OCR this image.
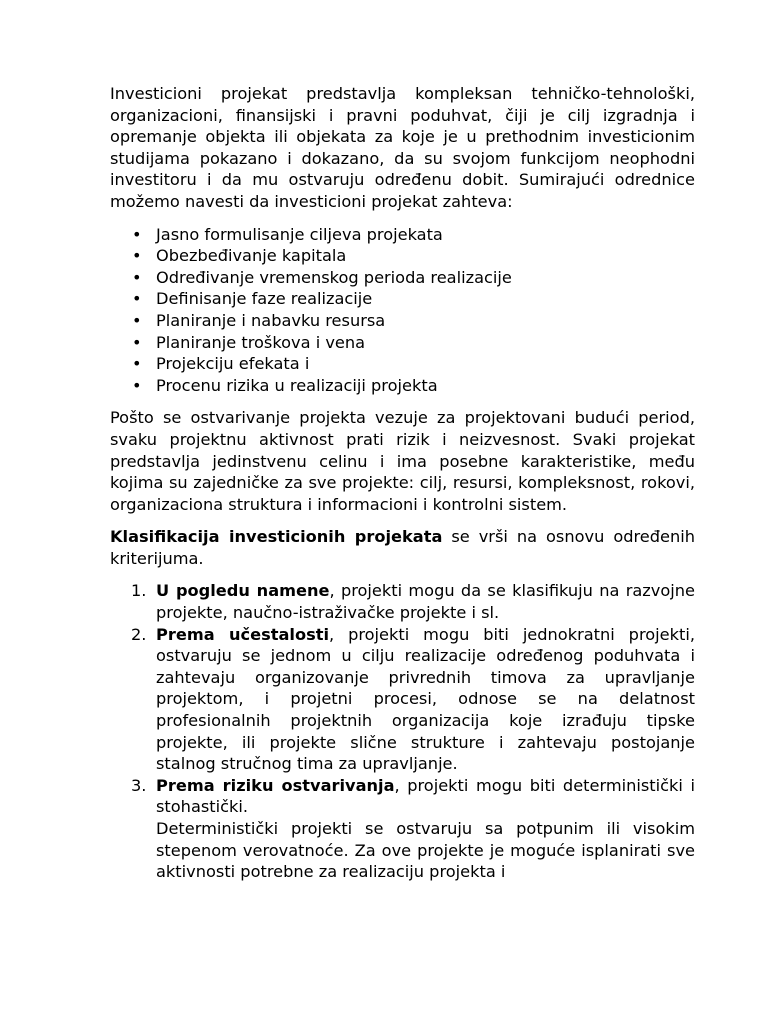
Investicioni projekat predstavlja kompleksan tehničko-tehnološki, organizacioni, finansijski i pravni poduhvat, čiji je cilj izgradnja i opremanje objekta ili objekata za koje je u prethodnim investicionim studijama pokazano i dokazano, da su svojom funkcijom neophodni investitoru i da mu ostvaruju određenu dobit. Sumirajući odrednice možemo navesti da investicioni projekat zahteva:

• Jasno formulisanje ciljeva projekata
• Obezbeđivanje kapitala
• Određivanje vremenskog perioda realizacije
• Definisanje faze realizacije
• Planiranje i nabavku resursa
• Planiranje troškova i vena
• Projekciju efekata i
• Procenu rizika u realizaciji projekta

Pošto se ostvarivanje projekta vezuje za projektovani budući period, svaku projektnu aktivnost prati rizik i neizvesnost. Svaki projekat predstavlja jedinstvenu celinu i ima posebne karakteristike, među kojima su zajedničke za sve projekte: cilj, resursi, kompleksnost, rokovi, organizaciona struktura i informacioni i kontrolni sistem.

Klasifikacija investicionih projekata se vrši na osnovu određenih kriterijuma.

1. U pogledu namene, projekti mogu da se klasifikuju na razvojne projekte, naučno-istraživačke projekte i sl.

2. Prema učestalosti, projekti mogu biti jednokratni projekti, ostvaruju se jednom u cilju realizacije određenog poduhvata i zahtevaju organizovanje privrednih timova za upravljanje projektom, i projetni procesi, odnose se na delatnost profesionalnih projektnih organizacija koje izrađuju tipske projekte, ili projekte slične strukture i zahtevaju postojanje stalnog stručnog tima za upravljanje.

3. Prema riziku ostvarivanja, projekti mogu biti deterministički i stohastički.

Deterministički projekti se ostvaruju sa potpunim ili visokim stepenom verovatnoće. Za ove projekte je moguće isplanirati sve aktivnosti potrebne za realizaciju projekta i
